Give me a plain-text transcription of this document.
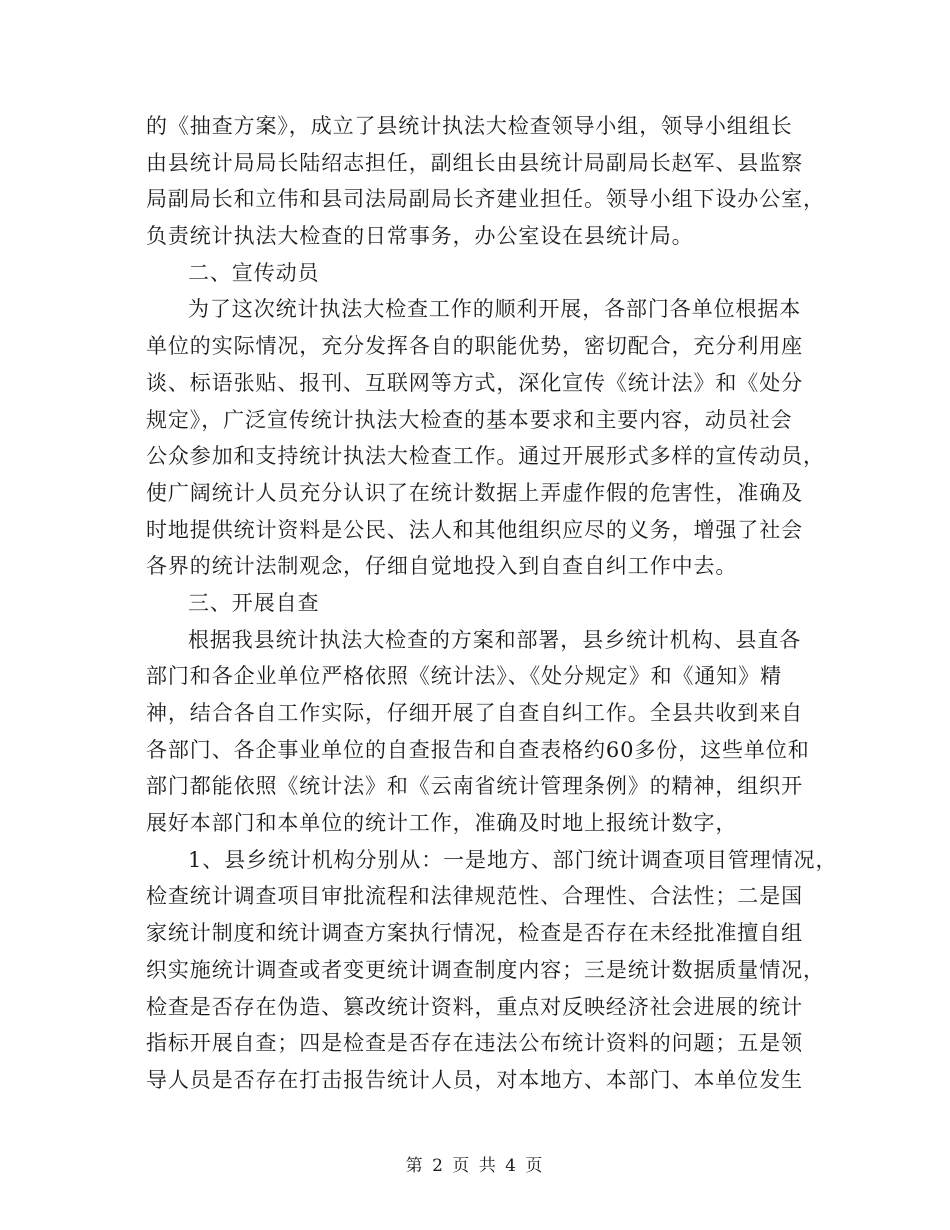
的《抽查方案》，成立了县统计执法大检查领导小组，领导小组组长
由县统计局局长陆绍志担任，副组长由县统计局副局长赵军、县监察
局副局长和立伟和县司法局副局长齐建业担任。领导小组下设办公室，
负责统计执法大检查的日常事务，办公室设在县统计局。
二、宣传动员
为了这次统计执法大检查工作的顺利开展，各部门各单位根据本
单位的实际情况，充分发挥各自的职能优势，密切配合，充分利用座
谈、标语张贴、报刊、互联网等方式，深化宣传《统计法》和《处分
规定》，广泛宣传统计执法大检查的基本要求和主要内容，动员社会
公众参加和支持统计执法大检查工作。通过开展形式多样的宣传动员，
使广阔统计人员充分认识了在统计数据上弄虚作假的危害性，准确及
时地提供统计资料是公民、法人和其他组织应尽的义务，增强了社会
各界的统计法制观念，仔细自觉地投入到自查自纠工作中去。
三、开展自查
根据我县统计执法大检查的方案和部署，县乡统计机构、县直各
部门和各企业单位严格依照《统计法》、《处分规定》和《通知》精
神，结合各自工作实际，仔细开展了自查自纠工作。全县共收到来自
各部门、各企事业单位的自查报告和自查表格约60多份，这些单位和
部门都能依照《统计法》和《云南省统计管理条例》的精神，组织开
展好本部门和本单位的统计工作，准确及时地上报统计数字，
1、县乡统计机构分别从：一是地方、部门统计调查项目管理情况，
检查统计调查项目审批流程和法律规范性、合理性、合法性；二是国
家统计制度和统计调查方案执行情况，检查是否存在未经批准擅自组
织实施统计调查或者变更统计调查制度内容；三是统计数据质量情况，
检查是否存在伪造、篡改统计资料，重点对反映经济社会进展的统计
指标开展自查；四是检查是否存在违法公布统计资料的问题；五是领
导人员是否存在打击报告统计人员，对本地方、本部门、本单位发生
第 2 页 共 4 页
